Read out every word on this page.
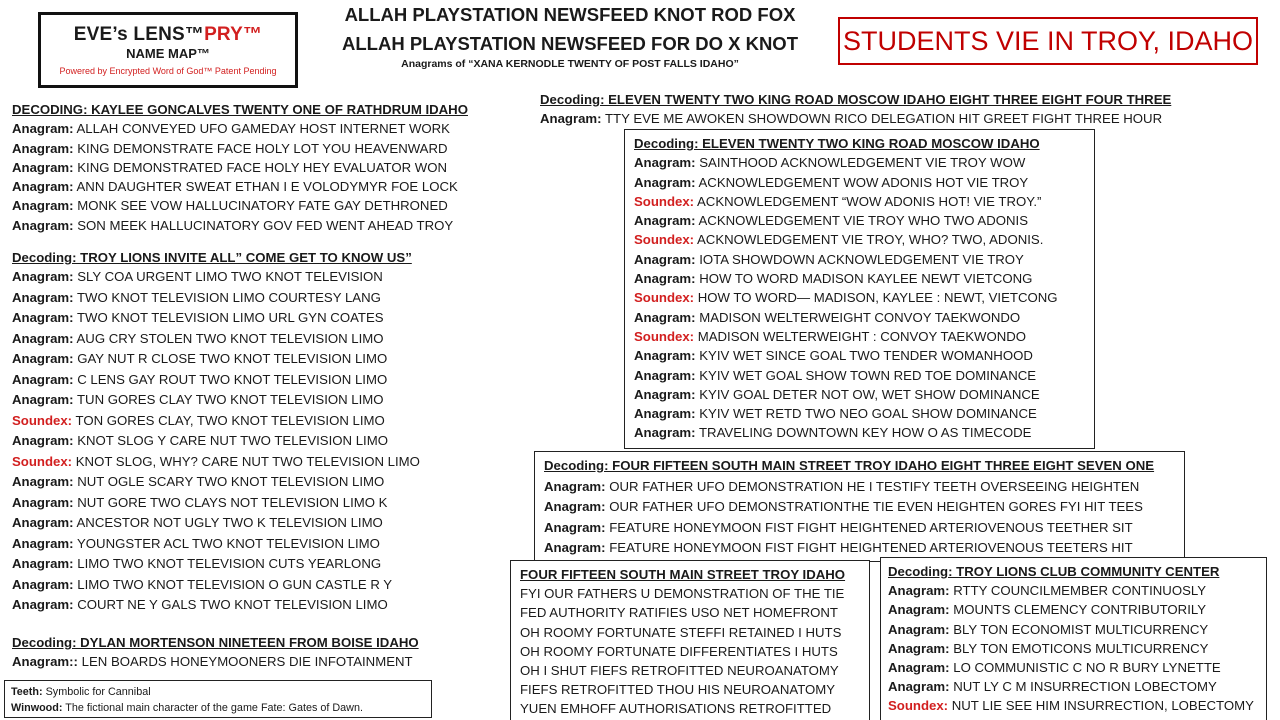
EVE’s LENS™PRY™
NAME MAP™
Powered by Encrypted Word of God™ Patent Pending
ALLAH PLAYSTATION NEWSFEED KNOT ROD FOX
ALLAH PLAYSTATION NEWSFEED FOR DO X KNOT
Anagrams of “XANA KERNODLE TWENTY OF POST FALLS IDAHO”
STUDENTS VIE IN TROY, IDAHO
DECODING: KAYLEE GONCALVES TWENTY ONE OF RATHDRUM IDAHO
Anagram: ALLAH CONVEYED UFO GAMEDAY HOST INTERNET WORK
Anagram: KING DEMONSTRATE FACE HOLY LOT YOU HEAVENWARD
Anagram: KING DEMONSTRATED FACE HOLY HEY EVALUATOR WON
Anagram: ANN DAUGHTER SWEAT ETHAN I E VOLODYMYR FOE LOCK
Anagram: MONK SEE VOW HALLUCINATORY FATE GAY DETHRONED
Anagram: SON MEEK HALLUCINATORY GOV FED WENT AHEAD TROY
Decoding: TROY LIONS INVITE ALL” COME GET TO KNOW US”
Anagram: SLY COA URGENT LIMO TWO KNOT TELEVISION
Anagram: TWO KNOT TELEVISION LIMO COURTESY LANG
Anagram: TWO KNOT TELEVISION LIMO URL GYN COATES
Anagram: AUG CRY STOLEN TWO KNOT TELEVISION LIMO
Anagram: GAY NUT R CLOSE TWO KNOT TELEVISION LIMO
Anagram: C LENS GAY ROUT TWO KNOT TELEVISION LIMO
Anagram: TUN GORES CLAY TWO KNOT TELEVISION LIMO
Soundex: TON GORES CLAY, TWO KNOT TELEVISION LIMO
Anagram: KNOT SLOG Y CARE NUT TWO TELEVISION LIMO
Soundex: KNOT SLOG, WHY? CARE NUT TWO TELEVISION LIMO
Anagram: NUT OGLE SCARY TWO KNOT TELEVISION LIMO
Anagram: NUT GORE TWO CLAYS NOT TELEVISION LIMO K
Anagram: ANCESTOR NOT UGLY TWO K TELEVISION LIMO
Anagram: YOUNGSTER ACL TWO KNOT TELEVISION LIMO
Anagram: LIMO TWO KNOT TELEVISION CUTS YEARLONG
Anagram: LIMO TWO KNOT TELEVISION O GUN CASTLE R Y
Anagram: COURT NE Y GALS TWO KNOT TELEVISION LIMO
Decoding: DYLAN MORTENSON NINETEEN FROM BOISE IDAHO
Anagram:: LEN BOARDS HONEYMOONERS DIE INFOTAINMENT
Teeth: Symbolic for Cannibal
Winwood: The fictional main character of the game Fate: Gates of Dawn.
Decoding: ELEVEN TWENTY TWO KING ROAD MOSCOW IDAHO EIGHT THREE EIGHT FOUR THREE
Anagram: TTY EVE ME AWOKEN SHOWDOWN RICO DELEGATION HIT GREET FIGHT THREE HOUR
Decoding: ELEVEN TWENTY TWO KING ROAD MOSCOW IDAHO
Anagram: SAINTHOOD ACKNOWLEDGEMENT VIE TROY WOW
Anagram: ACKNOWLEDGEMENT WOW ADONIS HOT VIE TROY
Soundex: ACKNOWLEDGEMENT “WOW ADONIS HOT! VIE TROY.”
Anagram: ACKNOWLEDGEMENT VIE TROY WHO TWO ADONIS
Soundex: ACKNOWLEDGEMENT VIE TROY, WHO? TWO, ADONIS.
Anagram: IOTA SHOWDOWN ACKNOWLEDGEMENT VIE TROY
Anagram: HOW TO WORD MADISON KAYLEE NEWT VIETCONG
Soundex: HOW TO WORD— MADISON, KAYLEE : NEWT, VIETCONG
Anagram: MADISON WELTERWEIGHT CONVOY TAEKWONDO
Soundex: MADISON WELTERWEIGHT : CONVOY TAEKWONDO
Anagram: KYIV WET SINCE GOAL TWO TENDER WOMANHOOD
Anagram: KYIV WET GOAL SHOW TOWN RED TOE DOMINANCE
Anagram: KYIV GOAL DETER NOT OW, WET SHOW DOMINANCE
Anagram: KYIV WET RETD TWO NEO GOAL SHOW DOMINANCE
Anagram: TRAVELING DOWNTOWN KEY HOW O AS TIMECODE
Decoding: FOUR FIFTEEN SOUTH MAIN STREET TROY IDAHO EIGHT THREE EIGHT SEVEN ONE
Anagram: OUR FATHER UFO DEMONSTRATION HE I TESTIFY TEETH OVERSEEING HEIGHTEN
Anagram: OUR FATHER UFO DEMONSTRATIONTHE TIE EVEN HEIGHTEN GORES FYI HIT TEES
Anagram: FEATURE HONEYMOON FIST FIGHT HEIGHTENED ARTERIOVENOUS TEETHER SIT
Anagram: FEATURE HONEYMOON FIST FIGHT HEIGHTENED ARTERIOVENOUS TEETERS HIT
FOUR FIFTEEN SOUTH MAIN STREET TROY IDAHO
FYI OUR FATHERS U DEMONSTRATION OF THE TIE
FED AUTHORITY RATIFIES USO NET HOMEFRONT
OH ROOMY FORTUNATE STEFFI RETAINED I HUTS
OH ROOMY FORTUNATE DIFFERENTIATES I HUTS
OH I SHUT FIEFS RETROFITTED NEUROANATOMY
FIEFS RETROFITTED THOU HIS NEUROANATOMY
YUEN EMHOFF AUTHORISATIONS RETROFITTED
Decoding: TROY LIONS CLUB COMMUNITY CENTER
Anagram: RTTY COUNCILMEMBER CONTINUOSLY
Anagram: MOUNTS CLEMENCY CONTRIBUTORILY
Anagram: BLY TON ECONOMIST MULTICURRENCY
Anagram: BLY TON EMOTICONS MULTICURRENCY
Anagram: LO COMMUNISTIC C NO R BURY LYNETTE
Anagram: NUT LY C M INSURRECTION LOBECTOMY
Soundex: NUT LIE SEE HIM INSURRECTION, LOBECTOMY
